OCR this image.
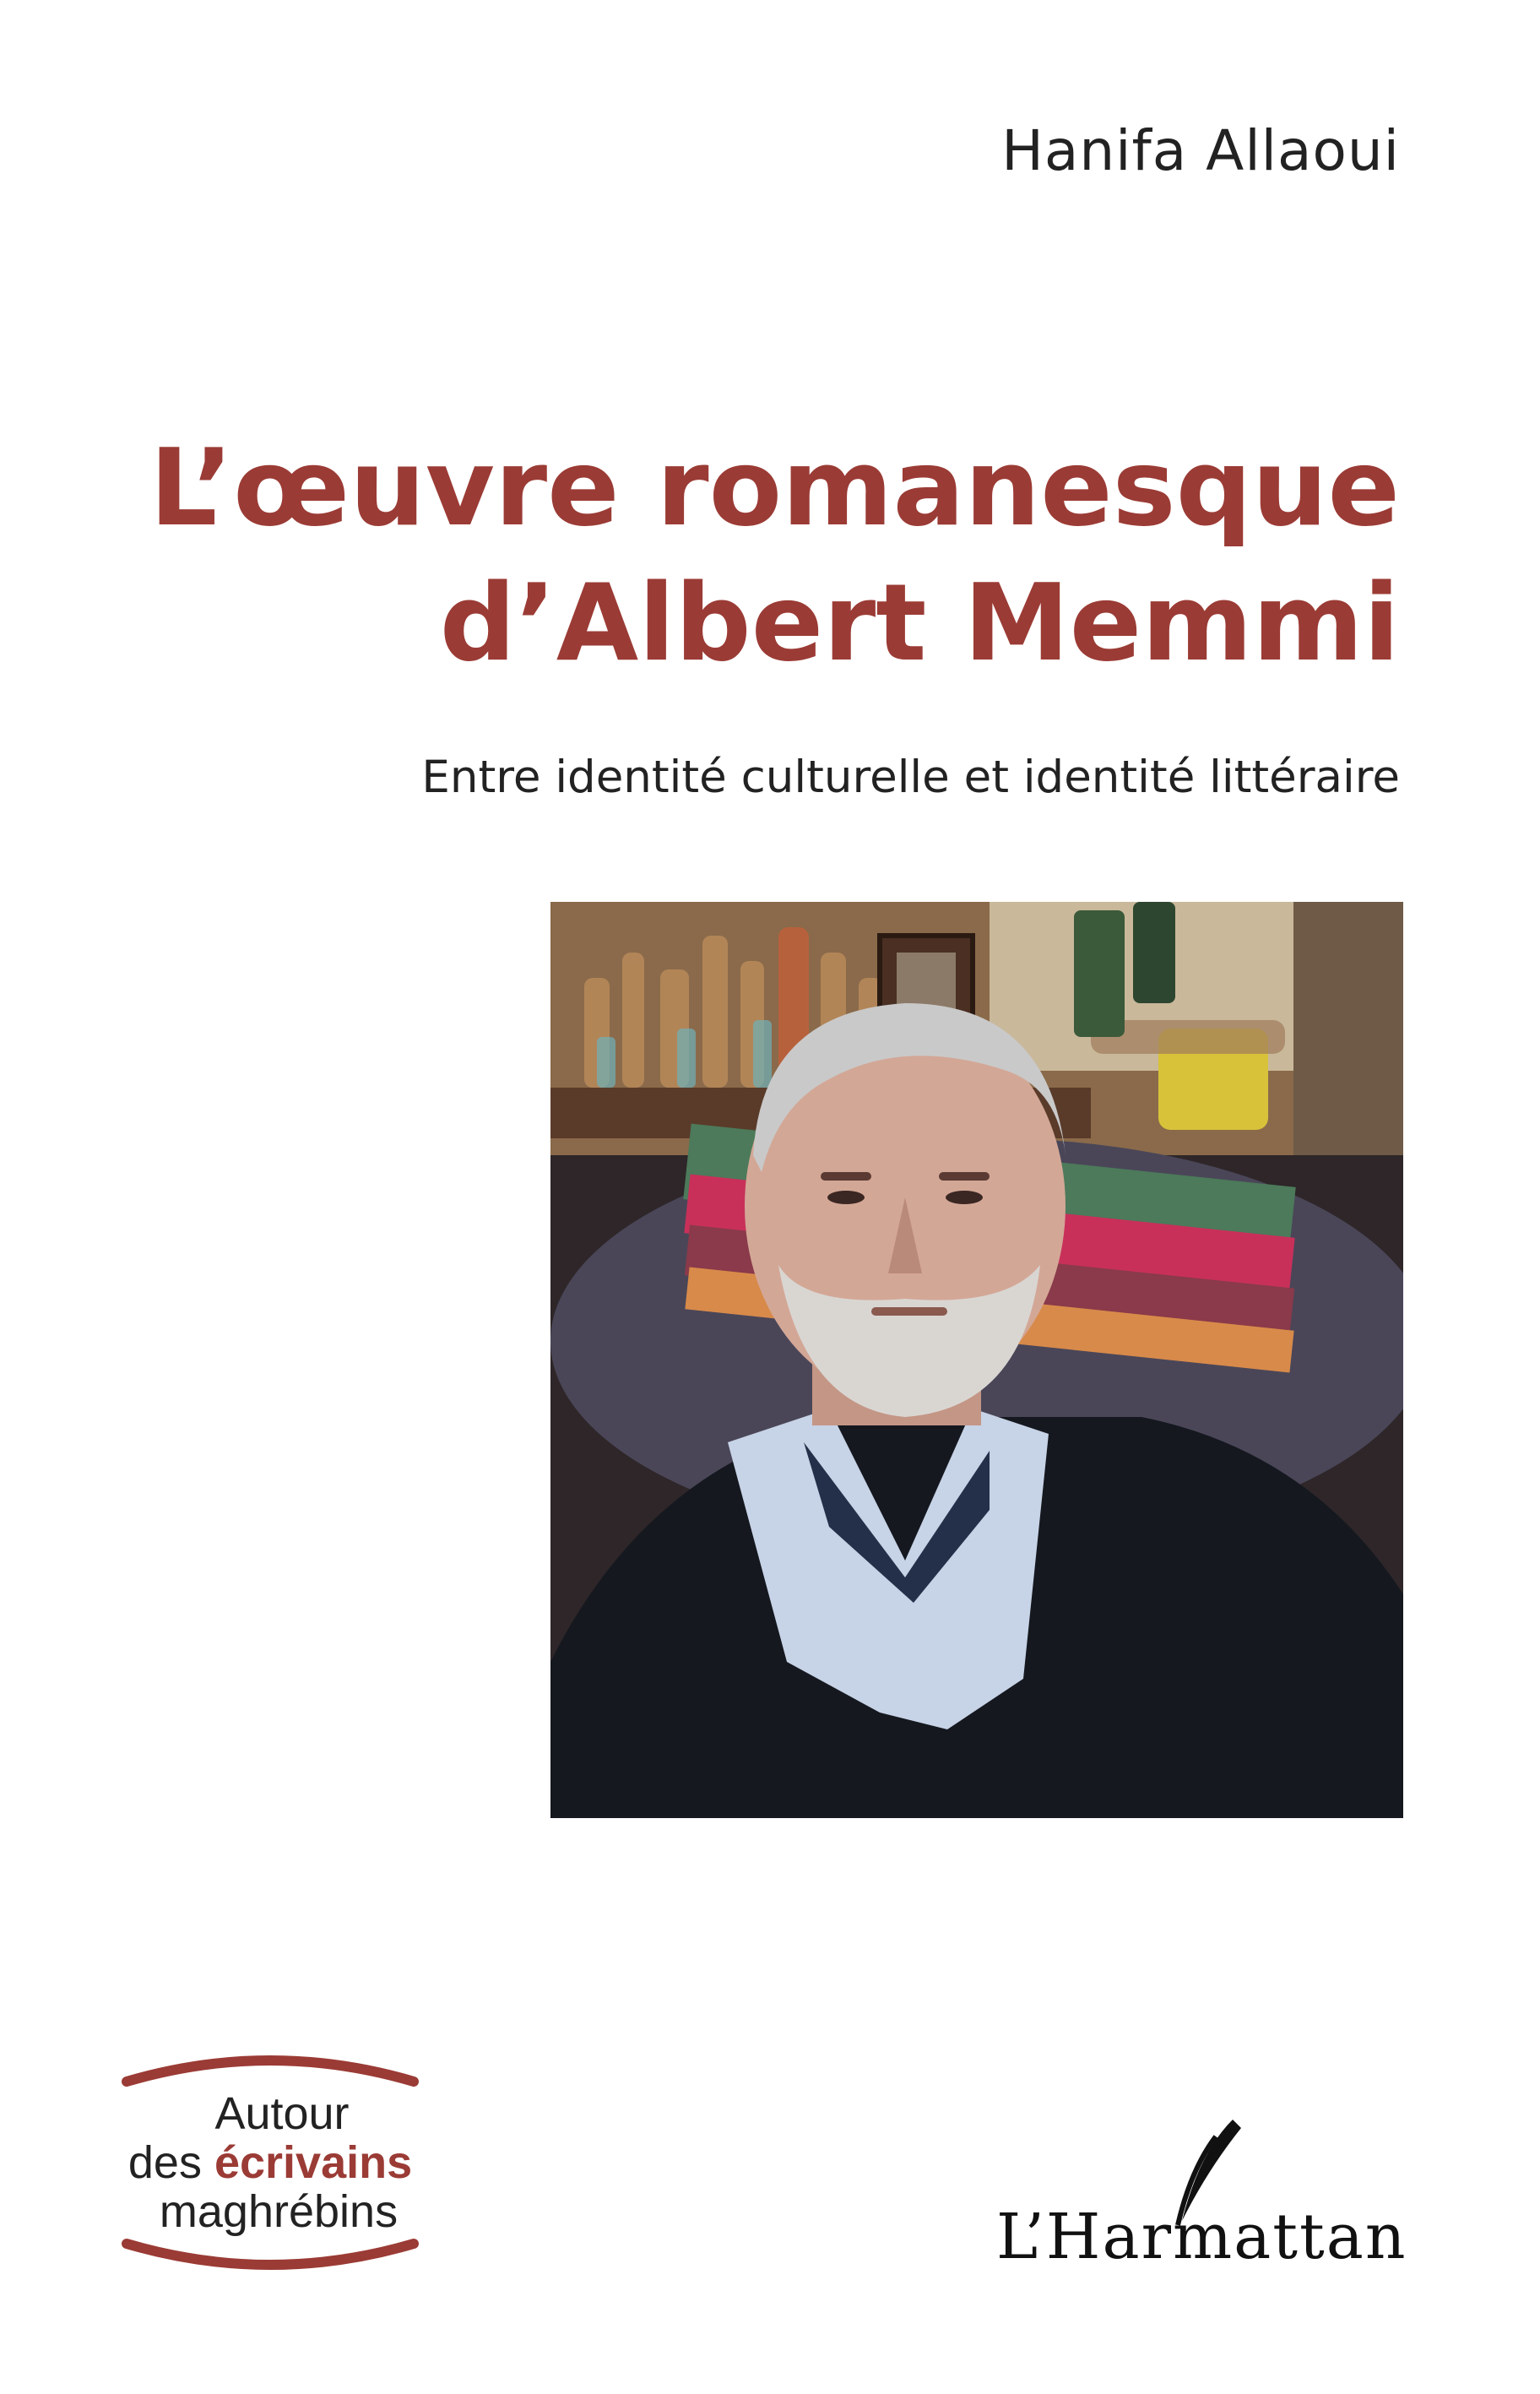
Hanifa Allaoui
L’œuvre romanesque
d’Albert Memmi
Entre identité culturelle et identité littéraire
Autour
des écrivains
maghrébins	L’Harmattan
